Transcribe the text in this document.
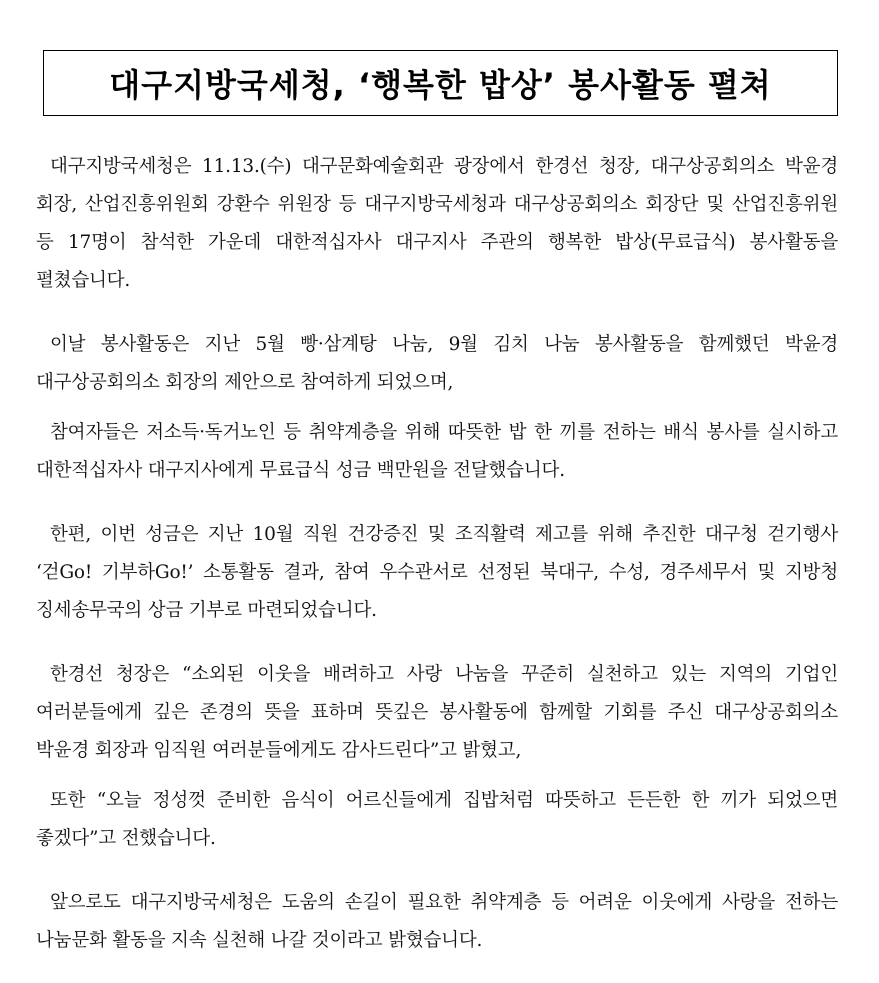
대구지방국세청, ‘행복한 밥상’ 봉사활동 펼쳐

대구지방국세청은 11.13.(수) 대구문화예술회관 광장에서 한경선 청장, 대구상공회의소 박윤경 회장, 산업진흥위원회 강환수 위원장 등 대구지방국세청과 대구상공회의소 회장단 및 산업진흥위원 등 17명이 참석한 가운데 대한적십자사 대구지사 주관의 행복한 밥상(무료급식) 봉사활동을 펼쳤습니다.

이날 봉사활동은 지난 5월 빵·삼계탕 나눔, 9월 김치 나눔 봉사활동을 함께했던 박윤경 대구상공회의소 회장의 제안으로 참여하게 되었으며,

참여자들은 저소득·독거노인 등 취약계층을 위해 따뜻한 밥 한 끼를 전하는 배식 봉사를 실시하고 대한적십자사 대구지사에게 무료급식 성금 백만원을 전달했습니다.

한편, 이번 성금은 지난 10월 직원 건강증진 및 조직활력 제고를 위해 추진한 대구청 걷기행사 ‘걷Go! 기부하Go!’ 소통활동 결과, 참여 우수관서로 선정된 북대구, 수성, 경주세무서 및 지방청 징세송무국의 상금 기부로 마련되었습니다.

한경선 청장은 “소외된 이웃을 배려하고 사랑 나눔을 꾸준히 실천하고 있는 지역의 기업인 여러분들에게 깊은 존경의 뜻을 표하며 뜻깊은 봉사활동에 함께할 기회를 주신 대구상공회의소 박윤경 회장과 임직원 여러분들에게도 감사드린다”고 밝혔고,

또한 “오늘 정성껏 준비한 음식이 어르신들에게 집밥처럼 따뜻하고 든든한 한 끼가 되었으면 좋겠다”고 전했습니다.

앞으로도 대구지방국세청은 도움의 손길이 필요한 취약계층 등 어려운 이웃에게 사랑을 전하는 나눔문화 활동을 지속 실천해 나갈 것이라고 밝혔습니다.
